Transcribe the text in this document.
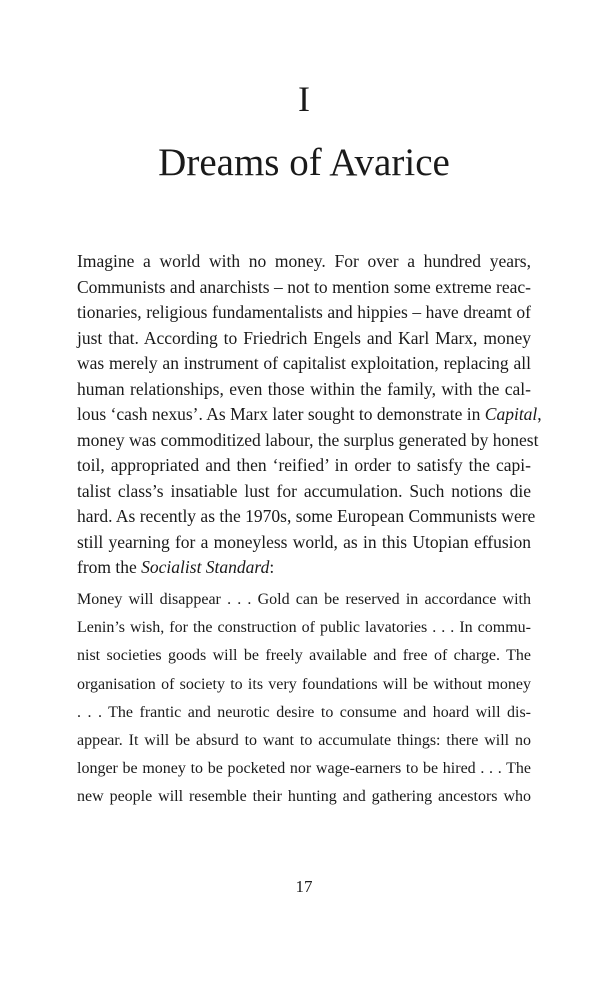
I
Dreams of Avarice
Imagine a world with no money. For over a hundred years,
Communists and anarchists – not to mention some extreme reac-
tionaries, religious fundamentalists and hippies – have dreamt of
just that. According to Friedrich Engels and Karl Marx, money
was merely an instrument of capitalist exploitation, replacing all
human relationships, even those within the family, with the cal-
lous ‘cash nexus’. As Marx later sought to demonstrate in Capital,
money was commoditized labour, the surplus generated by honest
toil, appropriated and then ‘reified’ in order to satisfy the capi-
talist class’s insatiable lust for accumulation. Such notions die
hard. As recently as the 1970s, some European Communists were
still yearning for a moneyless world, as in this Utopian effusion
from the Socialist Standard:
Money will disappear . . . Gold can be reserved in accordance with
Lenin’s wish, for the construction of public lavatories . . . In commu-
nist societies goods will be freely available and free of charge. The
organisation of society to its very foundations will be without money
. . . The frantic and neurotic desire to consume and hoard will dis-
appear. It will be absurd to want to accumulate things: there will no
longer be money to be pocketed nor wage-earners to be hired . . . The
new people will resemble their hunting and gathering ancestors who
17
